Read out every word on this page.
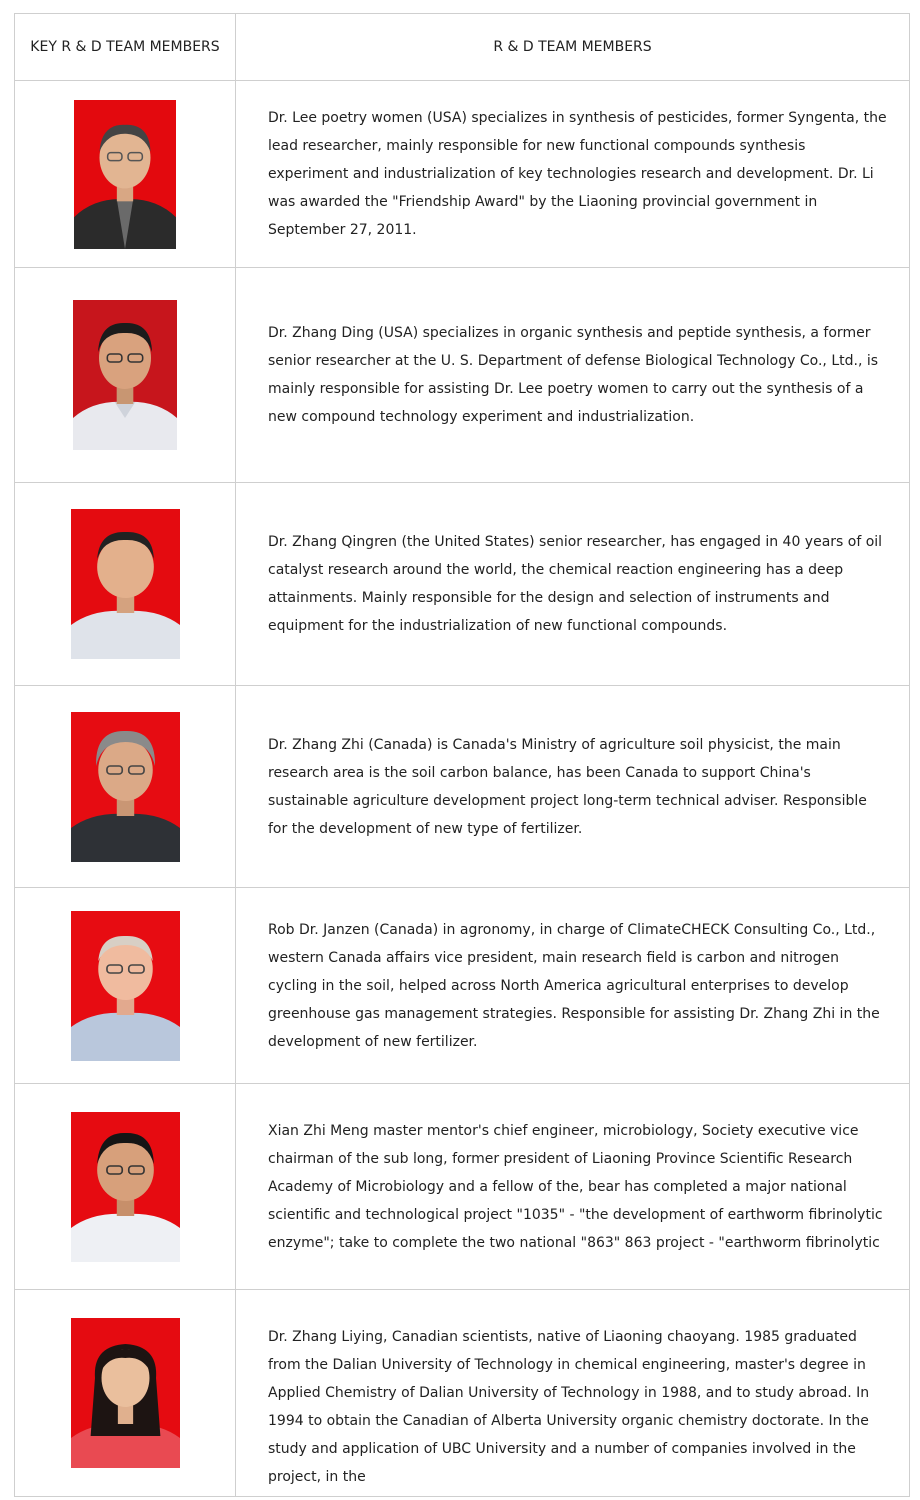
KEY R & D TEAM MEMBERS	R & D TEAM MEMBERS

Dr. Lee poetry women (USA) specializes in synthesis of pesticides, former Syngenta, the lead researcher, mainly responsible for new functional compounds synthesis experiment and industrialization of key technologies research and development. Dr. Li was awarded the "Friendship Award" by the Liaoning provincial government in September 27, 2011.

Dr. Zhang Ding (USA) specializes in organic synthesis and peptide synthesis, a former senior researcher at the U. S. Department of defense Biological Technology Co., Ltd., is mainly responsible for assisting Dr. Lee poetry women to carry out the synthesis of a new compound technology experiment and industrialization.

Dr. Zhang Qingren (the United States) senior researcher, has engaged in 40 years of oil catalyst research around the world, the chemical reaction engineering has a deep attainments. Mainly responsible for the design and selection of instruments and equipment for the industrialization of new functional compounds.

Dr. Zhang Zhi (Canada) is Canada's Ministry of agriculture soil physicist, the main research area is the soil carbon balance, has been Canada to support China's sustainable agriculture development project long-term technical adviser. Responsible for the development of new type of fertilizer.

Rob Dr. Janzen (Canada) in agronomy, in charge of ClimateCHECK Consulting Co., Ltd., western Canada affairs vice president, main research field is carbon and nitrogen cycling in the soil, helped across North America agricultural enterprises to develop greenhouse gas management strategies. Responsible for assisting Dr. Zhang Zhi in the development of new fertilizer.

Xian Zhi Meng master mentor's chief engineer, microbiology, Society executive vice chairman of the sub long, former president of Liaoning Province Scientific Research Academy of Microbiology and a fellow of the, bear has completed a major national scientific and technological project "1035" - "the development of earthworm fibrinolytic enzyme"; take to complete the two national "863" 863 project - "earthworm fibrinolytic

Dr. Zhang Liying, Canadian scientists, native of Liaoning chaoyang. 1985 graduated from the Dalian University of Technology in chemical engineering, master's degree in Applied Chemistry of Dalian University of Technology in 1988, and to study abroad. In 1994 to obtain the Canadian of Alberta University organic chemistry doctorate. In the study and application of UBC University and a number of companies involved in the project, in the
